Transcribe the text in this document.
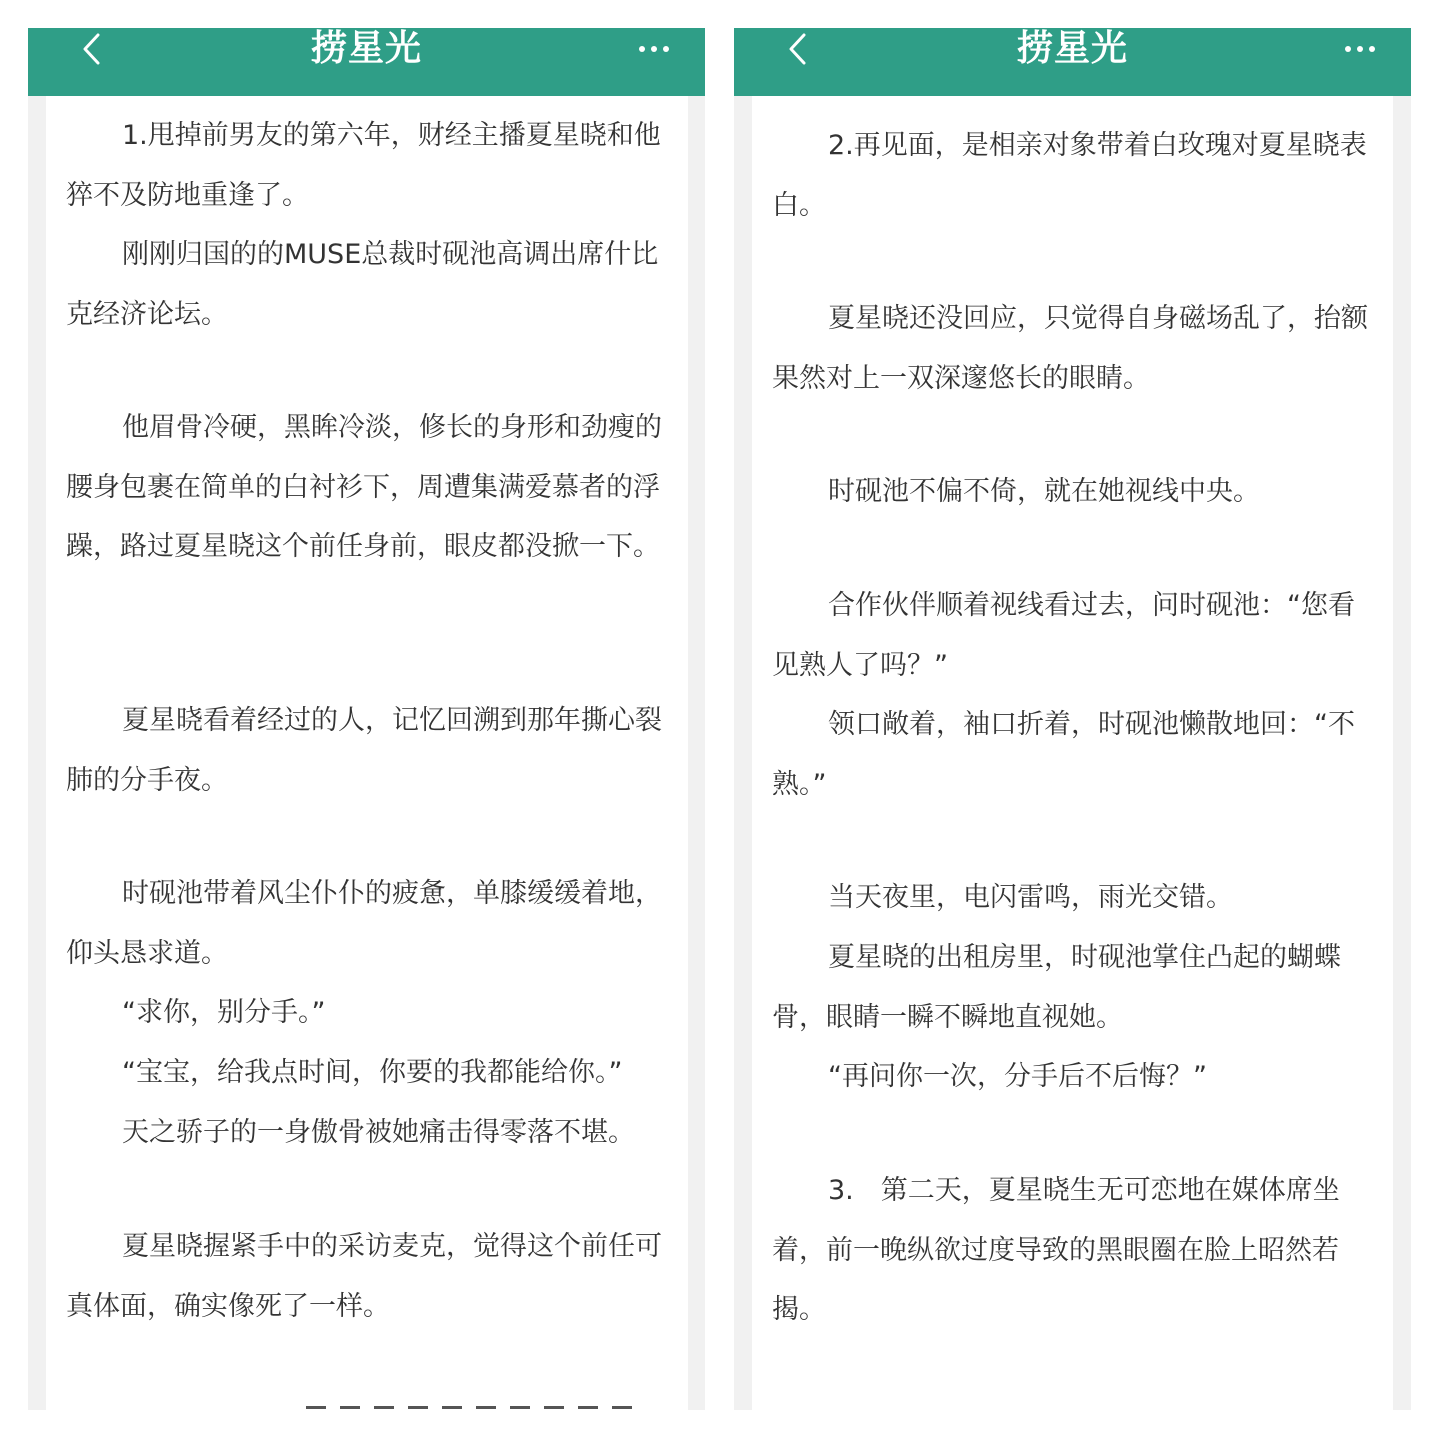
捞星光

1.甩掉前男友的第六年，财经主播夏星晓和他猝不及防地重逢了。

刚刚归国的的MUSE总裁时砚池高调出席什比克经济论坛。

他眉骨冷硬，黑眸冷淡，修长的身形和劲瘦的腰身包裹在简单的白衬衫下，周遭集满爱慕者的浮躁，路过夏星晓这个前任身前，眼皮都没掀一下。

夏星晓看着经过的人，记忆回溯到那年撕心裂肺的分手夜。

时砚池带着风尘仆仆的疲惫，单膝缓缓着地，仰头恳求道。

“求你，别分手。”

“宝宝，给我点时间，你要的我都能给你。”

天之骄子的一身傲骨被她痛击得零落不堪。

夏星晓握紧手中的采访麦克，觉得这个前任可真体面，确实像死了一样。

捞星光

2.再见面，是相亲对象带着白玫瑰对夏星晓表白。

夏星晓还没回应，只觉得自身磁场乱了，抬额果然对上一双深邃悠长的眼睛。

时砚池不偏不倚，就在她视线中央。

合作伙伴顺着视线看过去，问时砚池：“您看见熟人了吗？”

领口敞着，袖口折着，时砚池懒散地回：“不熟。”

当天夜里，电闪雷鸣，雨光交错。

夏星晓的出租房里，时砚池掌住凸起的蝴蝶骨，眼睛一瞬不瞬地直视她。

“再问你一次，分手后不后悔？”

3.　第二天，夏星晓生无可恋地在媒体席坐着，前一晚纵欲过度导致的黑眼圈在脸上昭然若揭。
